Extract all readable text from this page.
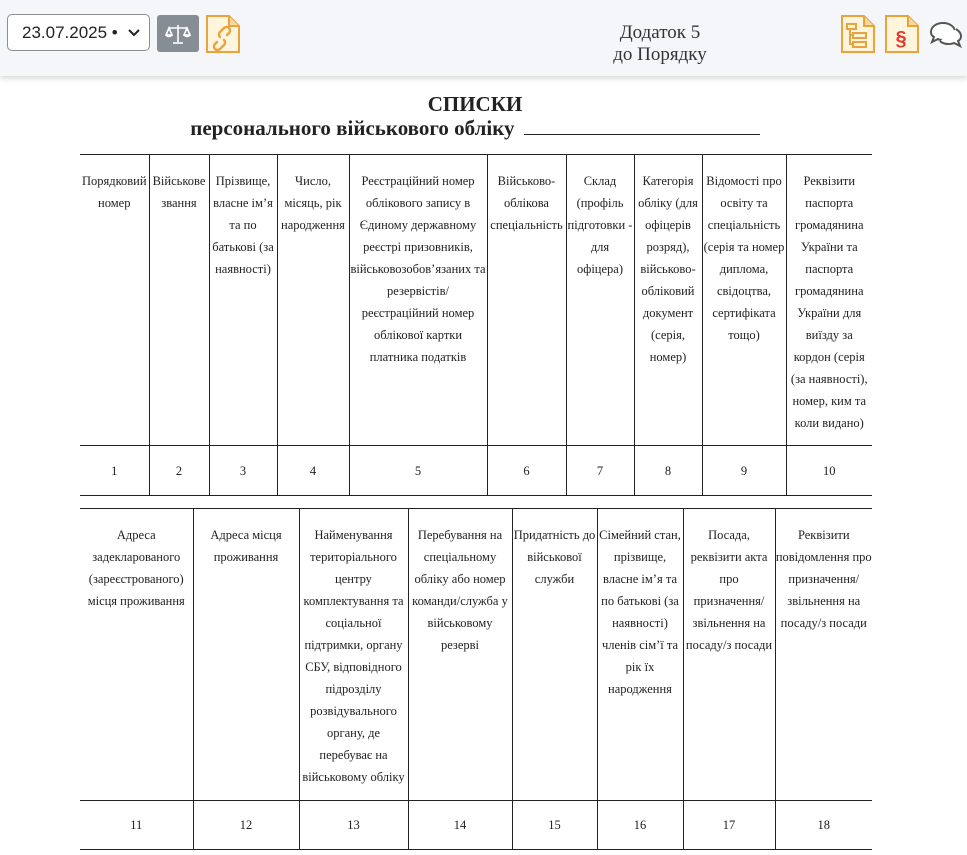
23.07.2025 •	Додаток 5
до Порядку
§
СПИСКИ
персонального військового обліку
Порядковий номер	Військове звання	Прізвище, власне ім’я та по батькові (за наявності)	Число, місяць, рік народження	Реєстраційний номер облікового запису в Єдиному державному реєстрі призовників, військовозобов’язаних та резервістів/ реєстраційний номер облікової картки платника податків	Військово-облікова спеціальність	Склад (профіль підготовки - для офіцера)	Категорія обліку (для офіцерів розряд), військово-обліковий документ (серія, номер)	Відомості про освіту та спеціальність (серія та номер диплома, свідоцтва, сертифіката тощо)	Реквізити паспорта громадянина України та паспорта громадянина України для виїзду за кордон (серія (за наявності), номер, ким та коли видано)
1	2	3	4	5	6	7	8	9	10
Адреса задекларованого (зареєстрованого) місця проживання	Адреса місця проживання	Найменування територіального центру комплектування та соціальної підтримки, органу СБУ, відповідного підрозділу розвідувального органу, де перебуває на військовому обліку	Перебування на спеціальному обліку або номер команди/служба у військовому резерві	Придатність до військової служби	Сімейний стан, прізвище, власне ім’я та по батькові (за наявності) членів сім’ї та рік їх народження	Посада, реквізити акта про призначення/ звільнення на посаду/з посади	Реквізити повідомлення про призначення/ звільнення на посаду/з посади
11	12	13	14	15	16	17	18
